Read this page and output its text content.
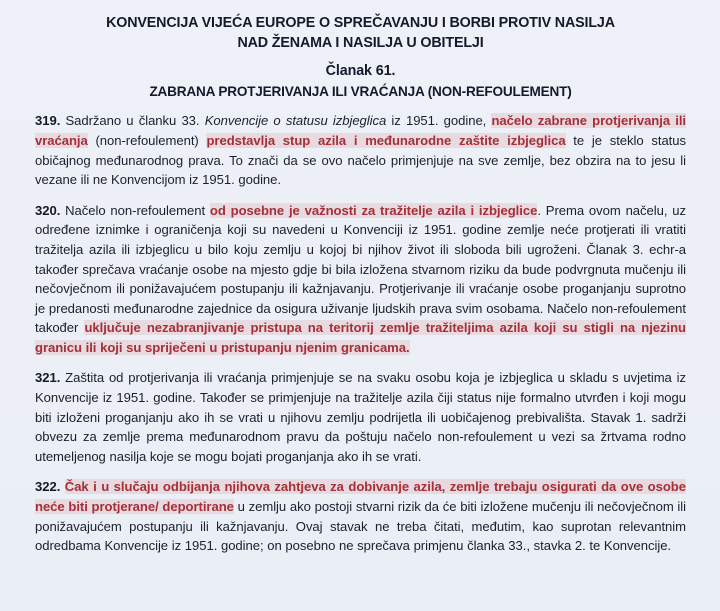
KONVENCIJA VIJEĆA EUROPE O SPREČAVANJU I BORBI PROTIV NASILJA
NAD ŽENAMA I NASILJA U OBITELJI
Članak 61.
ZABRANA PROTJERIVANJA ILI VRAĆANJA (NON-REFOULEMENT)

319. Sadržano u članku 33. Konvencije o statusu izbjeglica iz 1951. godine, načelo zabrane protjerivanja ili vraćanja (non-refoulement) predstavlja stup azila i međunarodne zaštite izbjeglica te je steklo status običajnog međunarodnog prava. To znači da se ovo načelo primjenjuje na sve zemlje, bez obzira na to jesu li vezane ili ne Konvencijom iz 1951. godine.

320. Načelo non-refoulement od posebne je važnosti za tražitelje azila i izbjeglice. Prema ovom načelu, uz određene iznimke i ograničenja koji su navedeni u Konvenciji iz 1951. godine zemlje neće protjerati ili vratiti tražitelja azila ili izbjeglicu u bilo koju zemlju u kojoj bi njihov život ili sloboda bili ugroženi. Članak 3. echr-a također sprečava vraćanje osobe na mjesto gdje bi bila izložena stvarnom riziku da bude podvrgnuta mučenju ili nečovječnom ili ponižavajućem postupanju ili kažnjavanju. Protjerivanje ili vraćanje osobe proganjanju suprotno je predanosti međunarodne zajednice da osigura uživanje ljudskih prava svim osobama. Načelo non-refoulement također uključuje nezabranjivanje pristupa na teritorij zemlje tražiteljima azila koji su stigli na njezinu granicu ili koji su spriječeni u pristupanju njenim granicama.

321. Zaštita od protjerivanja ili vraćanja primjenjuje se na svaku osobu koja je izbjeglica u skladu s uvjetima iz Konvencije iz 1951. godine. Također se primjenjuje na tražitelje azila čiji status nije formalno utvrđen i koji mogu biti izloženi proganjanju ako ih se vrati u njihovu zemlju podrijetla ili uobičajenog prebivališta. Stavak 1. sadrži obvezu za zemlje prema međunarodnom pravu da poštuju načelo non-refoulement u vezi sa žrtvama rodno utemeljenog nasilja koje se mogu bojati proganjanja ako ih se vrati.

322. Čak i u slučaju odbijanja njihova zahtjeva za dobivanje azila, zemlje trebaju osigurati da ove osobe neće biti protjerane/ deportirane u zemlju ako postoji stvarni rizik da će biti izložene mučenju ili nečovječnom ili ponižavajućem postupanju ili kažnjavanju. Ovaj stavak ne treba čitati, međutim, kao suprotan relevantnim odredbama Konvencije iz 1951. godine; on posebno ne sprečava primjenu članka 33., stavka 2. te Konvencije.
